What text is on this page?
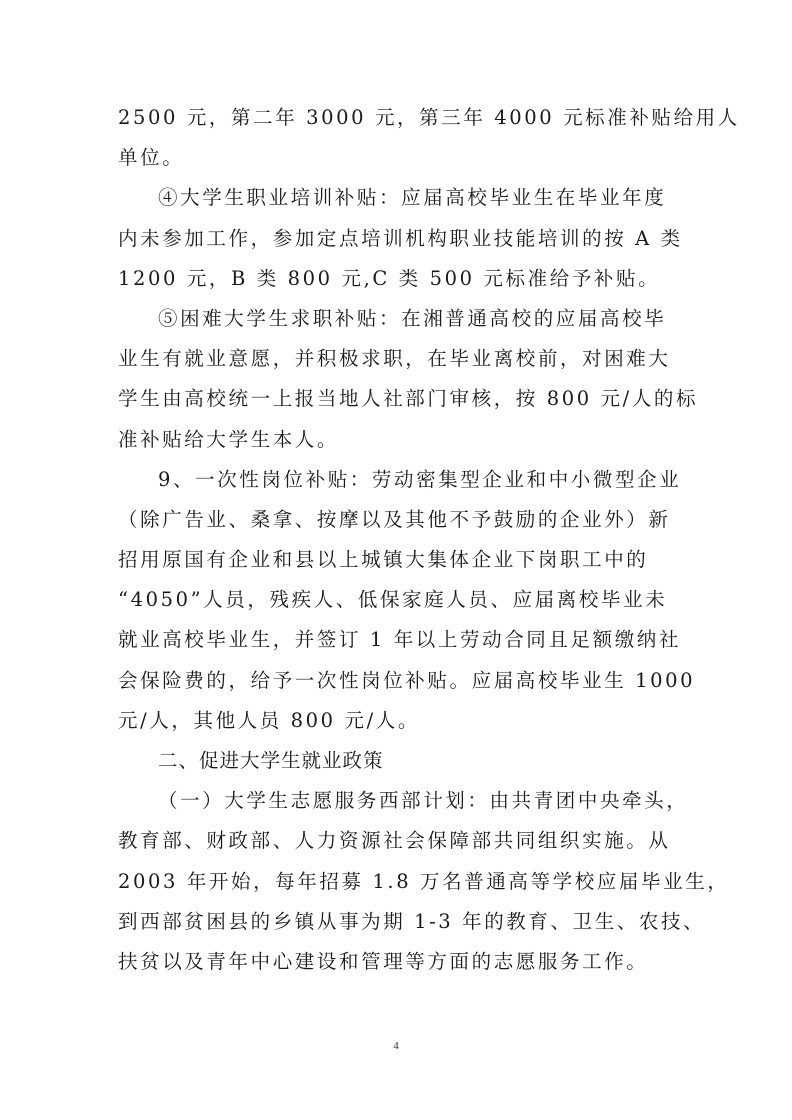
2500 元，第二年 3000 元，第三年 4000 元标准补贴给用人
单位。
④大学生职业培训补贴：应届高校毕业生在毕业年度
内未参加工作，参加定点培训机构职业技能培训的按 A 类
1200 元，B 类 800 元,C 类 500 元标准给予补贴。
⑤困难大学生求职补贴：在湘普通高校的应届高校毕
业生有就业意愿，并积极求职，在毕业离校前，对困难大
学生由高校统一上报当地人社部门审核，按 800 元/人的标
准补贴给大学生本人。
9、一次性岗位补贴：劳动密集型企业和中小微型企业
（除广告业、桑拿、按摩以及其他不予鼓励的企业外）新
招用原国有企业和县以上城镇大集体企业下岗职工中的
“4050”人员，残疾人、低保家庭人员、应届离校毕业未
就业高校毕业生，并签订 1 年以上劳动合同且足额缴纳社
会保险费的，给予一次性岗位补贴。应届高校毕业生 1000
元/人，其他人员 800 元/人。
二、促进大学生就业政策
（一）大学生志愿服务西部计划：由共青团中央牵头，
教育部、财政部、人力资源社会保障部共同组织实施。从
2003 年开始，每年招募 1.8 万名普通高等学校应届毕业生，
到西部贫困县的乡镇从事为期 1-3 年的教育、卫生、农技、
扶贫以及青年中心建设和管理等方面的志愿服务工作。
4
